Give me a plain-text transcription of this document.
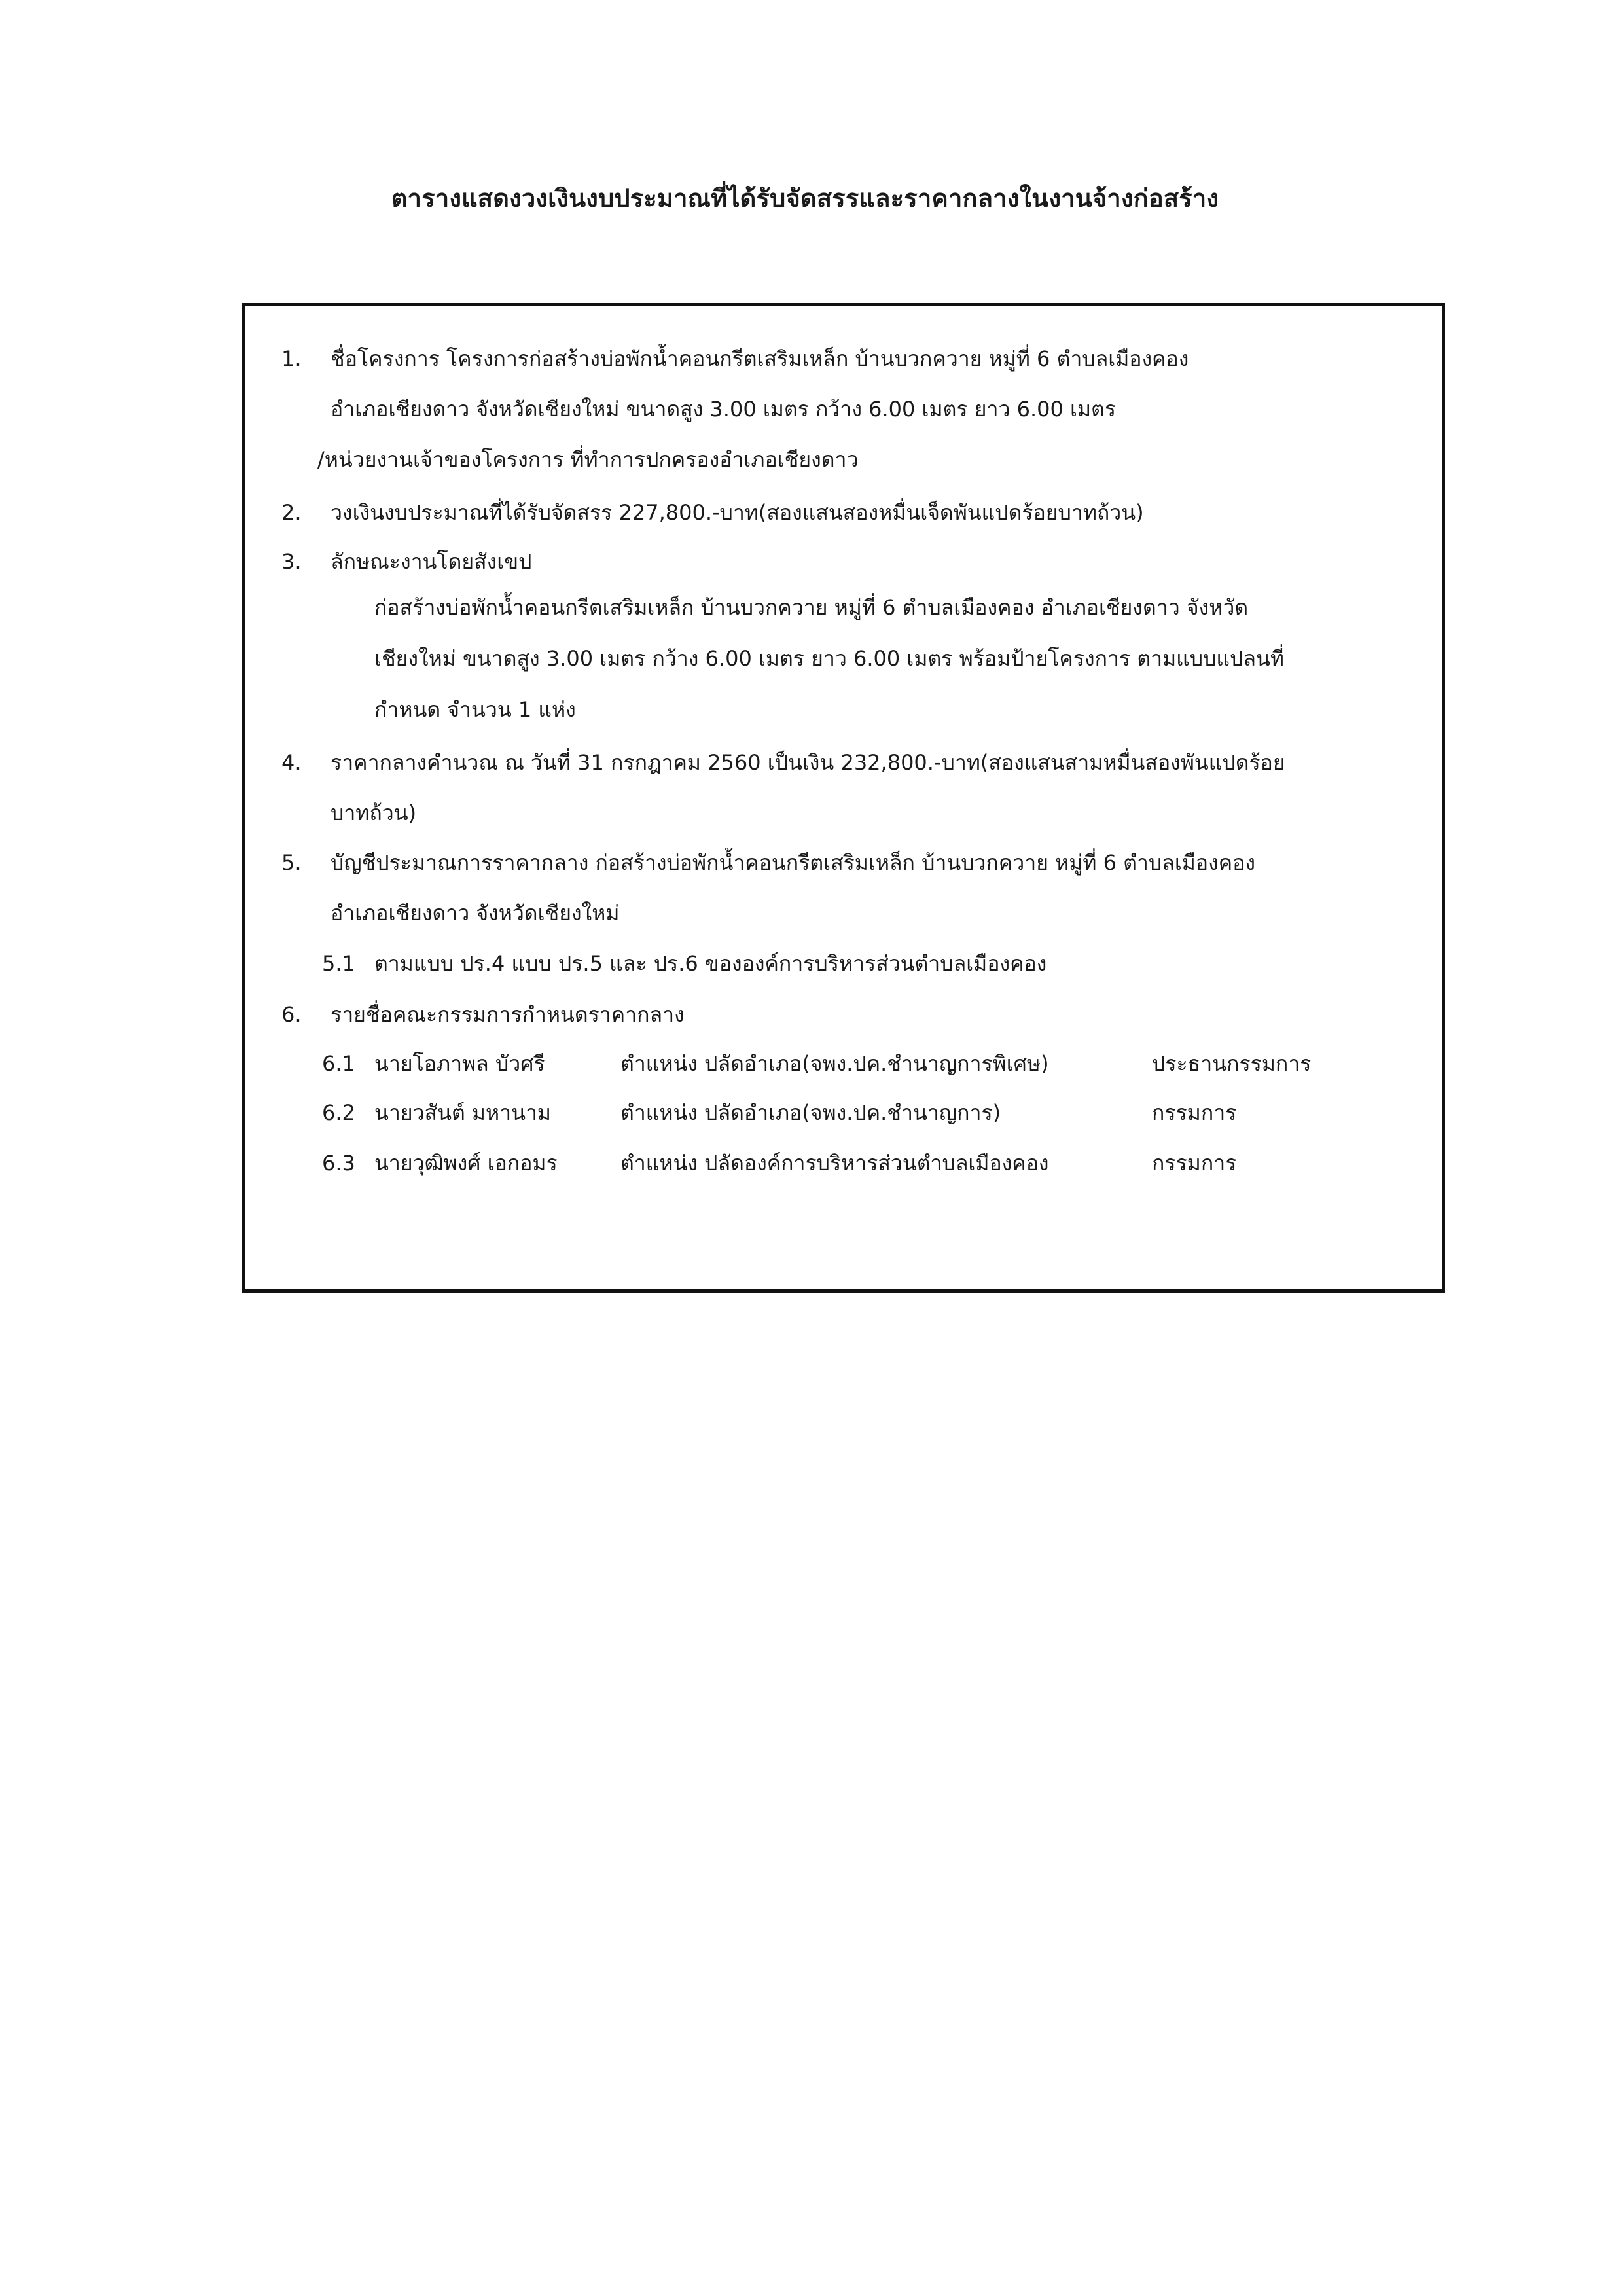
ตารางแสดงวงเงินงบประมาณที่ได้รับจัดสรรและราคากลางในงานจ้างก่อสร้าง
1. ชื่อโครงการ โครงการก่อสร้างบ่อพักน้ำคอนกรีตเสริมเหล็ก บ้านบวกควาย หมู่ที่ 6 ตำบลเมืองคอง
อำเภอเชียงดาว จังหวัดเชียงใหม่ ขนาดสูง 3.00 เมตร กว้าง 6.00 เมตร ยาว 6.00 เมตร
/หน่วยงานเจ้าของโครงการ ที่ทำการปกครองอำเภอเชียงดาว
2. วงเงินงบประมาณที่ได้รับจัดสรร 227,800.-บาท(สองแสนสองหมื่นเจ็ดพันแปดร้อยบาทถ้วน)
3. ลักษณะงานโดยสังเขป
ก่อสร้างบ่อพักน้ำคอนกรีตเสริมเหล็ก บ้านบวกควาย หมู่ที่ 6 ตำบลเมืองคอง อำเภอเชียงดาว จังหวัด
เชียงใหม่ ขนาดสูง 3.00 เมตร กว้าง 6.00 เมตร ยาว 6.00 เมตร พร้อมป้ายโครงการ ตามแบบแปลนที่
กำหนด จำนวน 1 แห่ง
4. ราคากลางคำนวณ ณ วันที่ 31 กรกฎาคม 2560 เป็นเงิน 232,800.-บาท(สองแสนสามหมื่นสองพันแปดร้อย
บาทถ้วน)
5. บัญชีประมาณการราคากลาง ก่อสร้างบ่อพักน้ำคอนกรีตเสริมเหล็ก บ้านบวกควาย หมู่ที่ 6 ตำบลเมืองคอง
อำเภอเชียงดาว จังหวัดเชียงใหม่
5.1 ตามแบบ ปร.4 แบบ ปร.5 และ ปร.6 ขององค์การบริหารส่วนตำบลเมืองคอง
6. รายชื่อคณะกรรมการกำหนดราคากลาง
6.1 นายโอภาพล บัวศรี	ตำแหน่ง ปลัดอำเภอ(จพง.ปค.ชำนาญการพิเศษ)	ประธานกรรมการ
6.2 นายวสันต์ มหานาม	ตำแหน่ง ปลัดอำเภอ(จพง.ปค.ชำนาญการ)	กรรมการ
6.3 นายวุฒิพงศ์ เอกอมร	ตำแหน่ง ปลัดองค์การบริหารส่วนตำบลเมืองคอง	กรรมการ
